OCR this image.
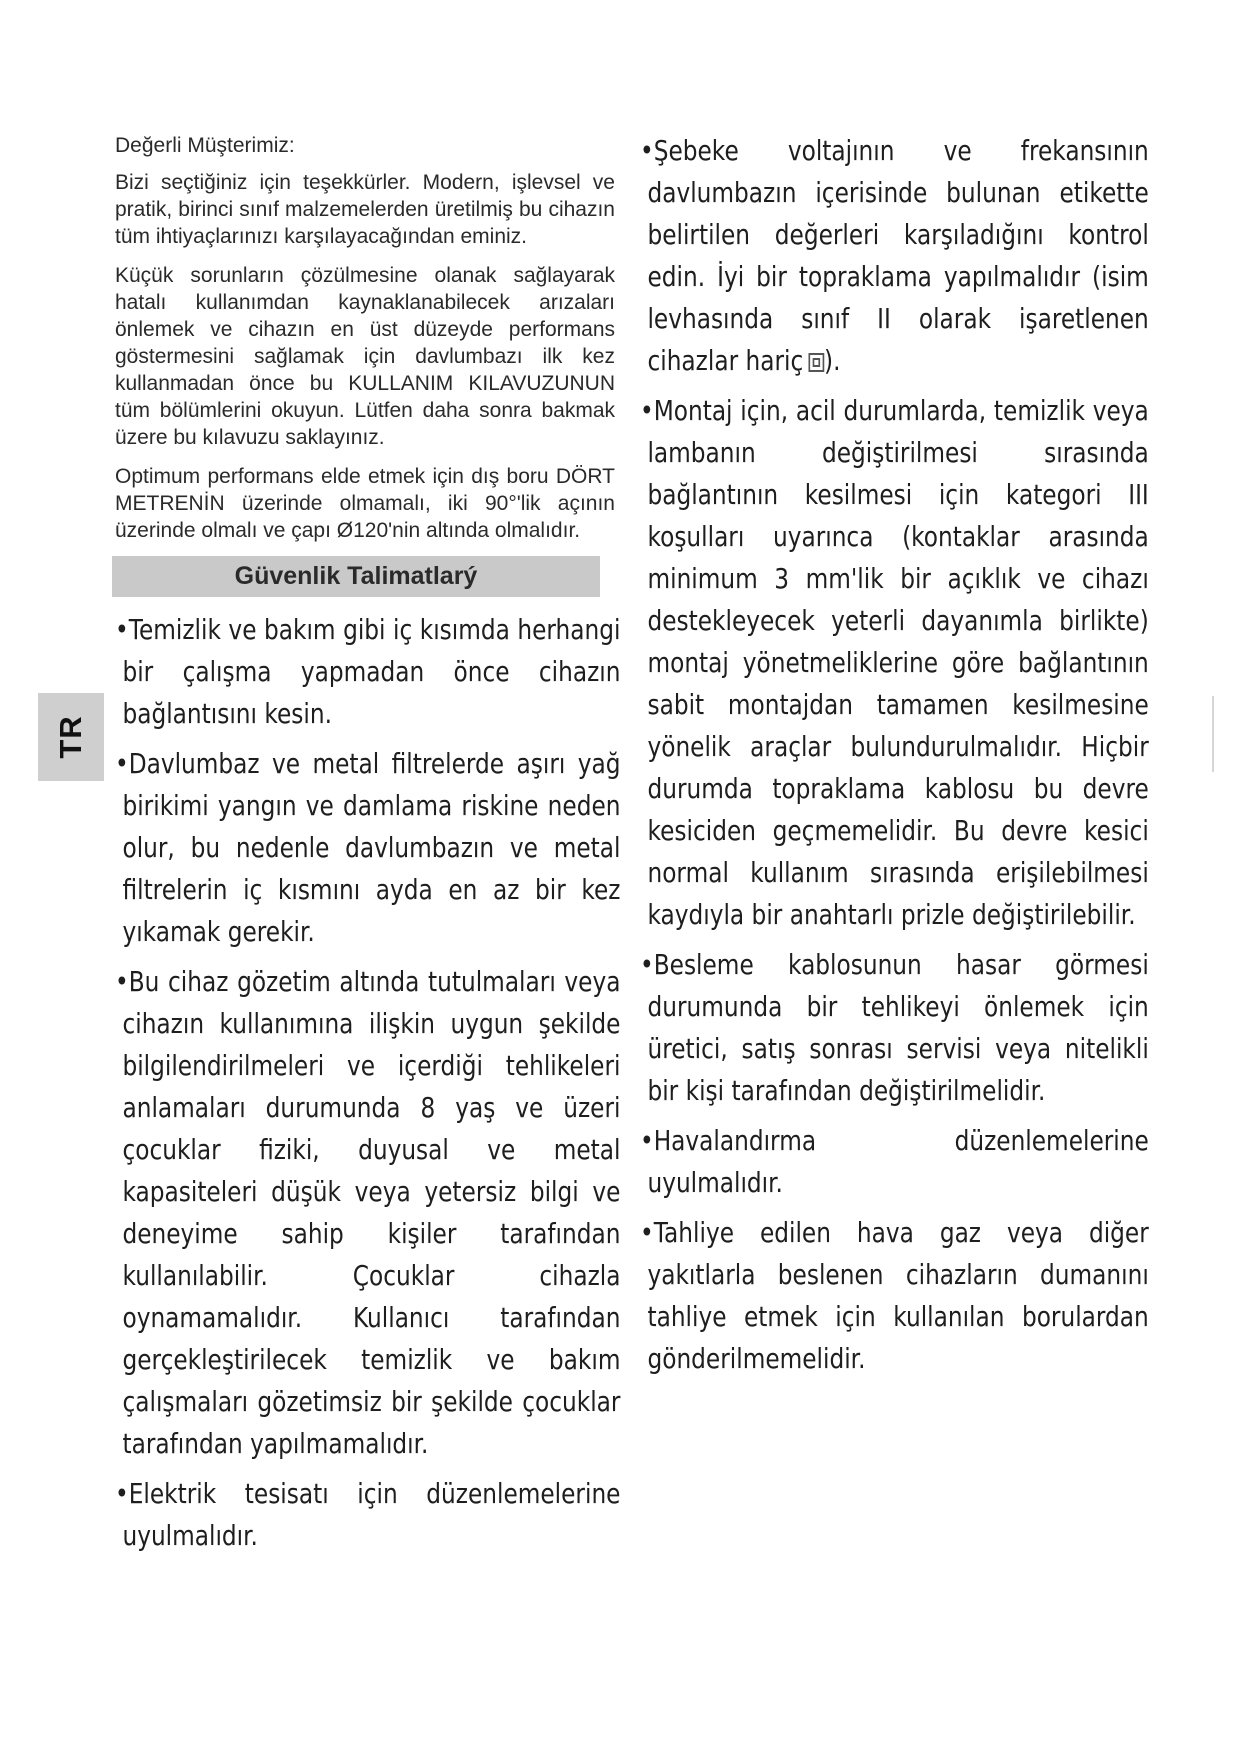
TR

Değerli Müşterimiz:

Bizi seçtiğiniz için teşekkürler. Modern, işlevsel ve pratik, birinci sınıf malzemelerden üretilmiş bu cihazın tüm ihtiyaçlarınızı karşılayacağından eminiz.

Küçük sorunların çözülmesine olanak sağlayarak hatalı kullanımdan kaynaklanabilecek arızaları önlemek ve cihazın en üst düzeyde performans göstermesini sağlamak için davlumbazı ilk kez kullanmadan önce bu KULLANIM KILAVUZUNUN tüm bölümlerini okuyun. Lütfen daha sonra bakmak üzere bu kılavuzu saklayınız.

Optimum performans elde etmek için dış boru DÖRT METRENİN üzerinde olmamalı, iki 90°'lik açının üzerinde olmalı ve çapı Ø120'nin altında olmalıdır.

Güvenlik Talimatlarý

•Temizlik ve bakım gibi iç kısımda herhangi bir çalışma yapmadan önce cihazın bağlantısını kesin.

•Davlumbaz ve metal filtrelerde aşırı yağ birikimi yangın ve damlama riskine neden olur, bu nedenle davlumbazın ve metal filtrelerin iç kısmını ayda en az bir kez yıkamak gerekir.

•Bu cihaz gözetim altında tutulmaları veya cihazın kullanımına ilişkin uygun şekilde bilgilendirilmeleri ve içerdiği tehlikeleri anlamaları durumunda 8 yaş ve üzeri çocuklar fiziki, duyusal ve metal kapasiteleri düşük veya yetersiz bilgi ve deneyime sahip kişiler tarafından kullanılabilir. Çocuklar cihazla oynamamalıdır. Kullanıcı tarafından gerçekleştirilecek temizlik ve bakım çalışmaları gözetimsiz bir şekilde çocuklar tarafından yapılmamalıdır.

•Elektrik tesisatı için düzenlemelerine uyulmalıdır.

•Şebeke voltajının ve frekansının davlumbazın içerisinde bulunan etikette belirtilen değerleri karşıladığını kontrol edin. İyi bir topraklama yapılmalıdır (isim levhasında sınıf II olarak işaretlenen cihazlar hariç ).

•Montaj için, acil durumlarda, temizlik veya lambanın değiştirilmesi sırasında bağlantının kesilmesi için kategori III koşulları uyarınca (kontaklar arasında minimum 3 mm'lik bir açıklık ve cihazı destekleyecek yeterli dayanımla birlikte) montaj yönetmeliklerine göre bağlantının sabit montajdan tamamen kesilmesine yönelik araçlar bulundurulmalıdır. Hiçbir durumda topraklama kablosu bu devre kesiciden geçmemelidir. Bu devre kesici normal kullanım sırasında erişilebilmesi kaydıyla bir anahtarlı prizle değiştirilebilir.

•Besleme kablosunun hasar görmesi durumunda bir tehlikeyi önlemek için üretici, satış sonrası servisi veya nitelikli bir kişi tarafından değiştirilmelidir.

•Havalandırma düzenlemelerine uyulmalıdır.

•Tahliye edilen hava gaz veya diğer yakıtlarla beslenen cihazların dumanını tahliye etmek için kullanılan borulardan gönderilmemelidir.
